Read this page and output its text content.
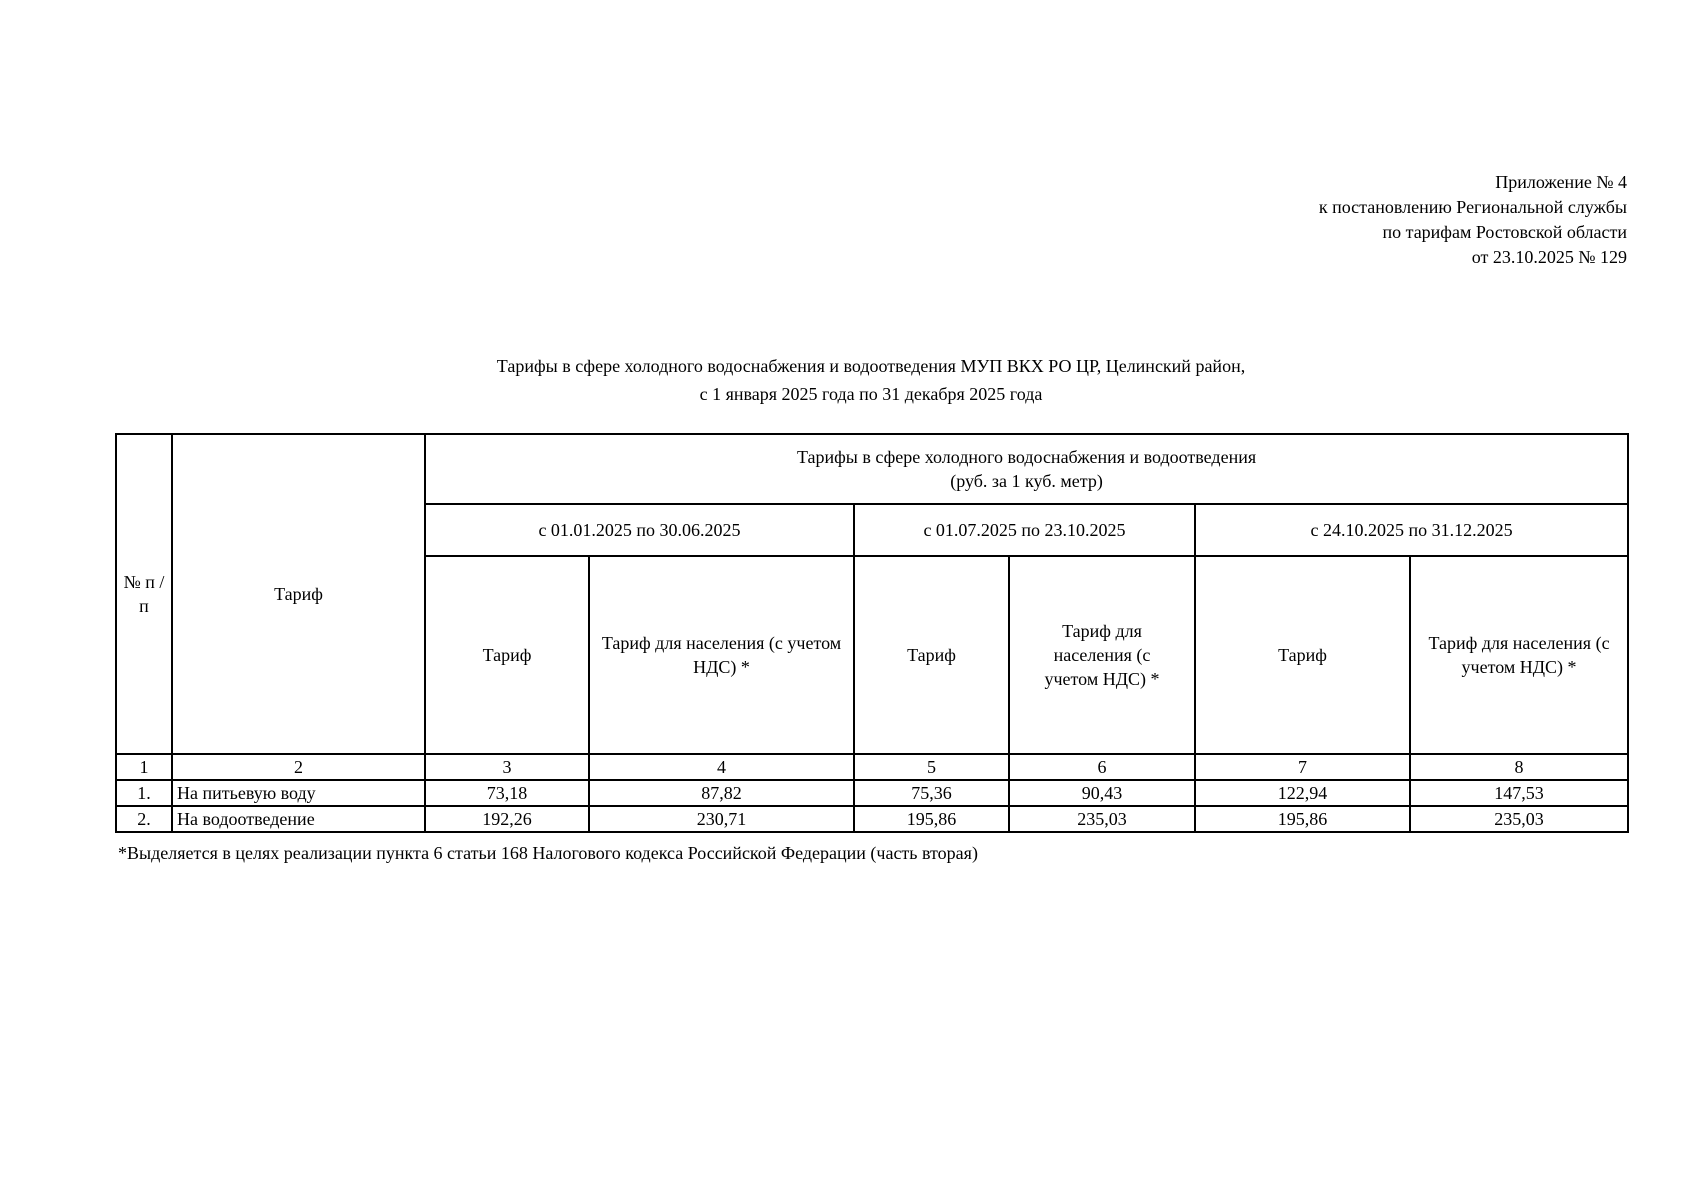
Приложение № 4
к постановлению Региональной службы
по тарифам Ростовской области
от 23.10.2025 № 129
Тарифы в сфере холодного водоснабжения и водоотведения МУП ВКХ РО ЦР, Целинский район,
с 1 января 2025 года по 31 декабря 2025 года
№ п /п	Тариф	Тарифы в сфере холодного водоснабжения и водоотведения
(руб. за 1 куб. метр)					

		с 01.01.2025 по 30.06.2025		с 01.07.2025 по 23.10.2025		с 24.10.2025 по 31.12.2025	
		Тариф	Тариф для населения (с учетом НДС) *	Тариф	Тариф для населения (с учетом НДС) *	Тариф	Тариф для населения (с учетом НДС) *
1	2	3	4	5	6	7	8
1.	На питьевую воду	73,18	87,82	75,36	90,43	122,94	147,53
2.	На водоотведение	192,26	230,71	195,86	235,03	195,86	235,03
*Выделяется в целях реализации пункта 6 статьи 168 Налогового кодекса Российской Федерации (часть вторая)
